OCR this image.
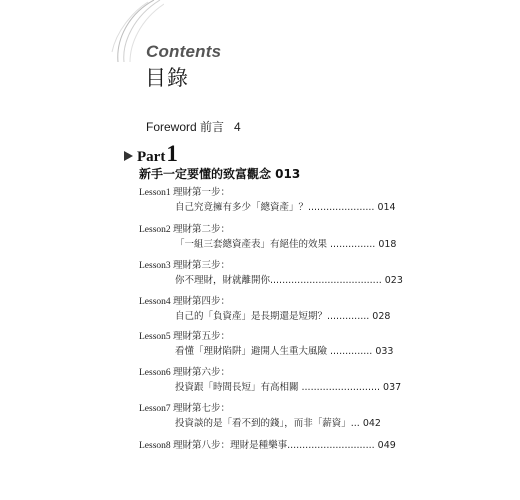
Contents
目錄
Foreword 前言   4
Part 1
新手一定要懂的致富觀念 013
Lesson1 理財第一步：
自己究竟擁有多少「總資產」？...................... 014
Lesson2 理財第二步：
「一組三套總資產表」有絕佳的效果 ............... 018
Lesson3 理財第三步：
你不理財，財就離開你..................................... 023
Lesson4 理財第四步：
自己的「負資產」是長期還是短期？.............. 028
Lesson5 理財第五步：
看懂「理財陷阱」避開人生重大風險 .............. 033
Lesson6 理財第六步：
投資跟「時間長短」有高相關 .......................... 037
Lesson7 理財第七步：
投資談的是「看不到的錢」，而非「薪資」... 042
Lesson8 理財第八步：理財是種樂事............................. 049
